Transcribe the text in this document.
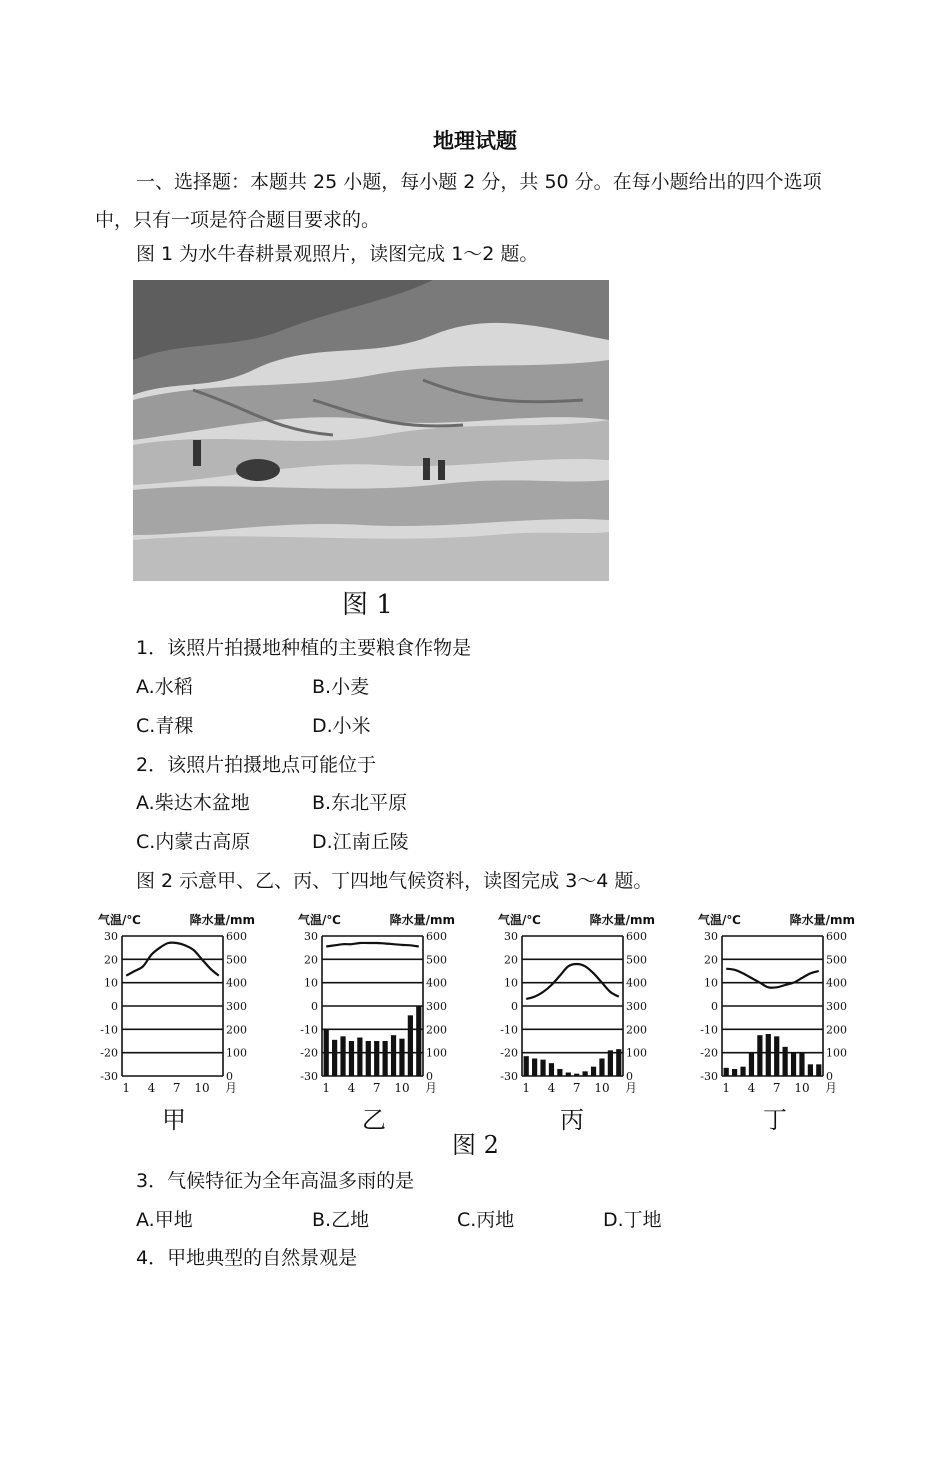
地理试题
一、选择题：本题共 25 小题，每小题 2 分，共 50 分。在每小题给出的四个选项
中，只有一项是符合题目要求的。
图 1 为水牛春耕景观照片，读图完成 1～2 题。
图 1
1．该照片拍摄地种植的主要粮食作物是
A.水稻	B.小麦
C.青稞	D.小米
2．该照片拍摄地点可能位于
A.柴达木盆地	B.东北平原
C.内蒙古高原	D.江南丘陵
图 2 示意甲、乙、丙、丁四地气候资料，读图完成 3～4 题。
气温/℃	降水量/mm
30	600
20	500
10	400
0	300
-10	200
-20	100
-30	0
1 4 7 10 月
气温/℃	降水量/mm
30	600
20	500
10	400
0	300
-10	200
-20	100
-30	0
1 4 7 10 月
气温/℃	降水量/mm
30	600
20	500
10	400
0	300
-10	200
-20	100
-30	0
1 4 7 10 月
气温/℃	降水量/mm
30	600
20	500
10	400
0	300
-10	200
-20	100
-30	0
1 4 7 10 月
甲	乙	丙	丁
图 2
3．气候特征为全年高温多雨的是
A.甲地	B.乙地	C.丙地	D.丁地
4．甲地典型的自然景观是
